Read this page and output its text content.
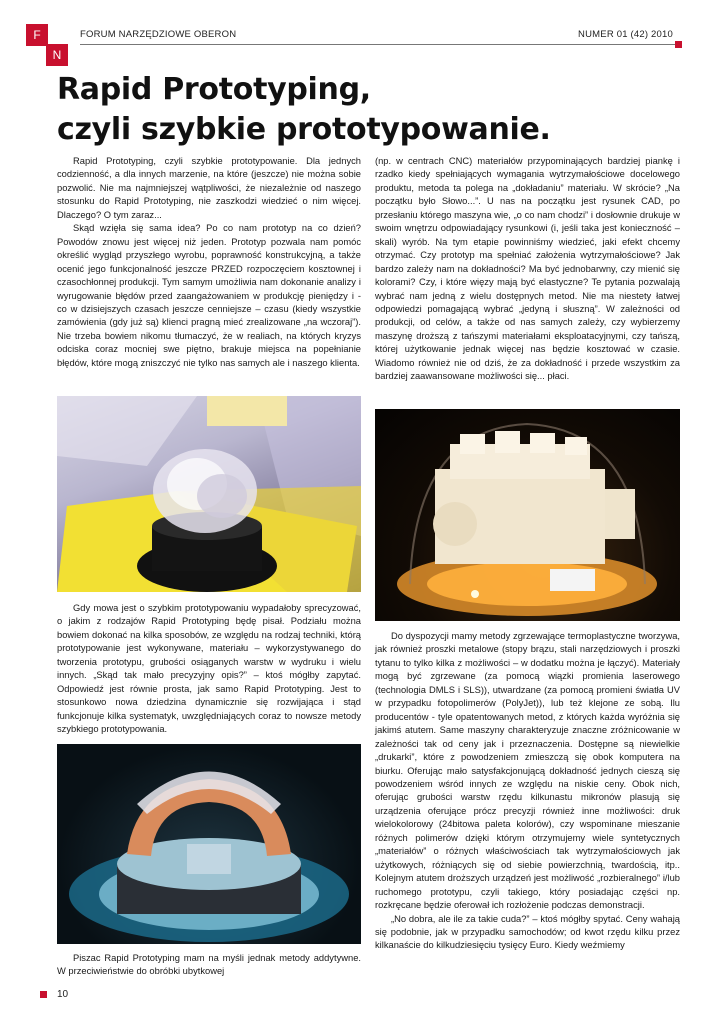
F
N
FORUM NARZĘDZIOWE OBERON	NUMER 01 (42) 2010
Rapid Prototyping,
czyli szybkie prototypowanie.

Rapid Prototyping, czyli szybkie prototypowanie. Dla jednych codzienność, a dla innych marzenie, na które (jeszcze) nie można sobie pozwolić. Nie ma najmniejszej wątpliwości, że niezależnie od naszego stosunku do Rapid Prototyping, nie zaszkodzi wiedzieć o nim więcej. Dlaczego? O tym zaraz...

Skąd wzięła się sama idea? Po co nam prototyp na co dzień? Powodów znowu jest więcej niż jeden. Prototyp pozwala nam pomóc określić wygląd przyszłego wyrobu, poprawność konstrukcyjną, a także ocenić jego funkcjonalność jeszcze PRZED rozpoczęciem kosztownej i czasochłonnej produkcji. Tym samym umożliwia nam dokonanie analizy i wyrugowanie błędów przed zaangażowaniem w produkcję pieniędzy i - co w dzisiejszych czasach jeszcze cenniejsze – czasu (kiedy wszystkie zamówienia (gdy już są) klienci pragną mieć zrealizowane „na wczoraj”). Nie trzeba bowiem nikomu tłumaczyć, że w realiach, na których kryzys odciska coraz mocniej swe piętno, brakuje miejsca na popełnianie błędów, które mogą zniszczyć nie tylko nas samych ale i naszego klienta.

Gdy mowa jest o szybkim prototypowaniu wypadałoby sprecyzować, o jakim z rodzajów Rapid Prototyping będę pisał. Podziału można bowiem dokonać na kilka sposobów, ze względu na rodzaj techniki, którą prototypowanie jest wykonywane, materiału – wykorzystywanego do tworzenia prototypu, grubości osiąganych warstw w wydruku i wielu innych. „Skąd tak mało precyzyjny opis?” – ktoś mógłby zapytać. Odpowiedź jest równie prosta, jak samo Rapid Prototyping. Jest to stosunkowo nowa dziedzina dynamicznie się rozwijająca i stąd funkcjonuje kilka systematyk, uwzględniających coraz to nowsze metody szybkiego prototypowania.

Piszac Rapid Prototyping mam na myśli jednak metody addytywne. W przeciwieństwie do obróbki ubytkowej

(np. w centrach CNC) materiałów przypominających bardziej piankę i rzadko kiedy spełniających wymagania wytrzymałościowe docelowego produktu, metoda ta polega na „dokładaniu” materiału. W skrócie? „Na początku było Słowo...”. U nas na początku jest rysunek CAD, po przesłaniu którego maszyna wie, „o co nam chodzi” i dosłownie drukuje w swoim wnętrzu odpowiadający rysunkowi (i, jeśli taka jest konieczność – skali) wyrób. Na tym etapie powinniśmy wiedzieć, jaki efekt chcemy otrzymać. Czy prototyp ma spełniać założenia wytrzymałościowe? Jak bardzo zależy nam na dokładności? Ma być jednobarwny, czy mienić się kolorami? Czy, i które więzy mają być elastyczne? Te pytania pozwalają wybrać nam jedną z wielu dostępnych metod. Nie ma niestety łatwej odpowiedzi pomagającą wybrać „jedyną i słuszną”. W zależności od produkcji, od celów, a także od nas samych zależy, czy wybierzemy maszynę droższą z tańszymi materiałami eksploatacyjnymi, czy tańszą, której użytkowanie jednak więcej nas będzie kosztować w czasie. Wiadomo również nie od dziś, że za dokładność i przede wszystkim za bardziej zaawansowane możliwości się... płaci.

Do dyspozycji mamy metody zgrzewające termoplastyczne tworzywa, jak również proszki metalowe (stopy brązu, stali narzędziowych i proszki tytanu to tylko kilka z możliwości – w dodatku można je łączyć). Materiały mogą być zgrzewane (za pomocą wiązki promienia laserowego (technologia DMLS i SLS)), utwardzane (za pomocą promieni światła UV w przypadku fotopolimerów (PolyJet)), lub też klejone ze sobą. Ilu producentów - tyle opatentowanych metod, z których każda wyróżnia się jakimś atutem. Same maszyny charakteryzuje znaczne zróżnicowanie w zależności tak od ceny jak i przeznaczenia. Dostępne są niewielkie „drukarki”, które z powodzeniem zmieszczą się obok komputera na biurku. Oferując mało satysfakcjonującą dokładność jednych cieszą się powodzeniem wśród innych ze względu na niskie ceny. Obok nich, oferując grubości warstw rzędu kilkunastu mikronów plasują się urządzenia oferujące prócz precyzji również inne możliwości: druk wielokolorowy (24bitowa paleta kolorów), czy wspominane mieszanie różnych polimerów dzięki którym otrzymujemy wiele syntetycznych „materiałów” o różnych właściwościach tak wytrzymałościowych jak użytkowych, różniących się od siebie powierzchnią, twardością, itp.. Kolejnym atutem droższych urządzeń jest możliwość „rozbieralnego” i/lub ruchomego prototypu, czyli takiego, który posiadając części np. rozkręcane będzie oferował ich rozłożenie podczas demonstracji.

„No dobra, ale ile za takie cuda?” – ktoś mógłby spytać. Ceny wahają się podobnie, jak w przypadku samochodów; od kwot rzędu kilku przez kilkanaście do kilkudziesięciu tysięcy Euro. Kiedy weźmiemy

10
